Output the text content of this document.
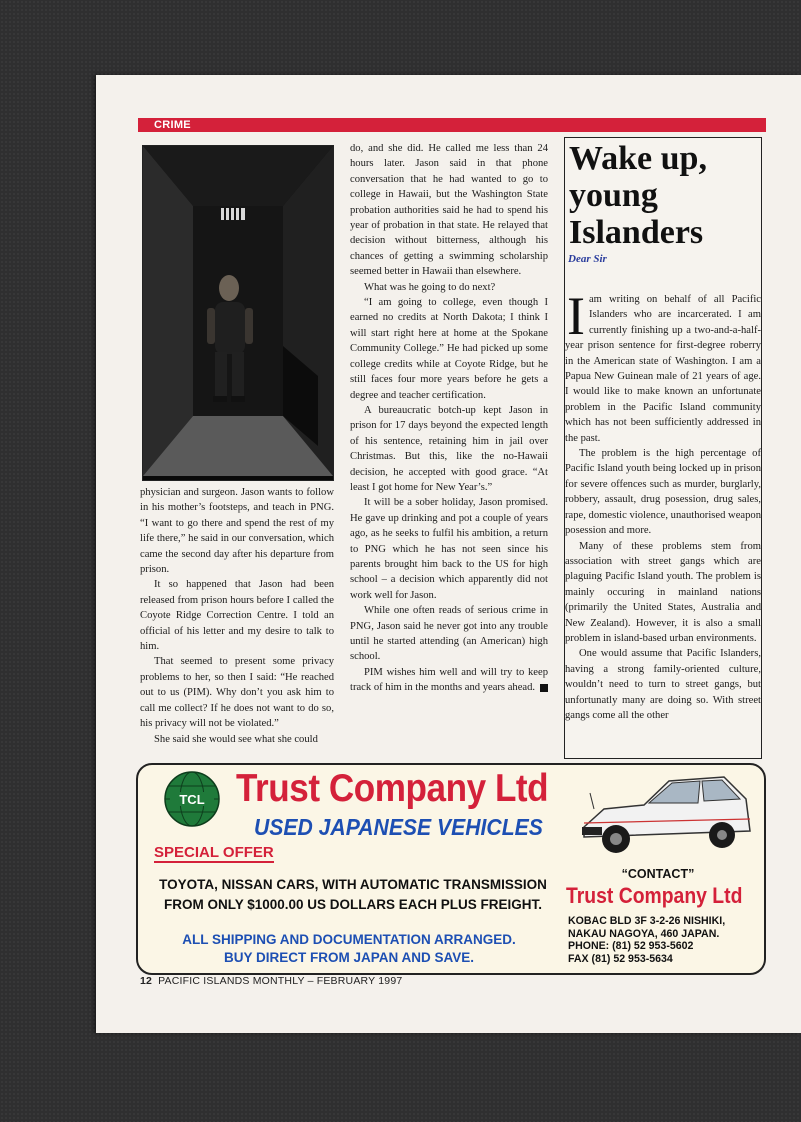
CRIME

physician and surgeon. Jason wants to follow in his mother’s footsteps, and teach in PNG. “I want to go there and spend the rest of my life there,” he said in our conversation, which came the second day after his departure from prison.

It so happened that Jason had been released from prison hours before I called the Coyote Ridge Correction Centre. I told an official of his letter and my desire to talk to him.

That seemed to present some privacy problems to her, so then I said: “He reached out to us (PIM). Why don’t you ask him to call me collect? If he does not want to do so, his privacy will not be violated.”

She said she would see what she could

do, and she did. He called me less than 24 hours later. Jason said in that phone conversation that he had wanted to go to college in Hawaii, but the Washington State probation authorities said he had to spend his year of probation in that state. He relayed that decision without bitterness, although his chances of getting a swimming scholarship seemed better in Hawaii than elsewhere.

What was he going to do next?

“I am going to college, even though I earned no credits at North Dakota; I think I will start right here at home at the Spokane Community College.” He had picked up some college credits while at Coyote Ridge, but he still faces four more years before he gets a degree and teacher certification.

A bureaucratic botch-up kept Jason in prison for 17 days beyond the expected length of his sentence, retaining him in jail over Christmas. But this, like the no-Hawaii decision, he accepted with good grace. “At least I got home for New Year’s.”

It will be a sober holiday, Jason promised. He gave up drinking and pot a couple of years ago, as he seeks to fulfil his ambition, a return to PNG which he has not seen since his parents brought him back to the US for high school – a decision which apparently did not work well for Jason.

While one often reads of serious crime in PNG, Jason said he never got into any trouble until he started attending (an American) high school.

PIM wishes him well and will try to keep track of him in the months and years ahead.

Wake up, young Islanders
Dear Sir

Iam writing on behalf of all Pacific Islanders who are incarcerated. I am currently finishing up a two-and-a-half-year prison sentence for first-degree roberry in the American state of Washington. I am a Papua New Guinean male of 21 years of age. I would like to make known an unfortunate problem in the Pacific Island community which has not been sufficiently addressed in the past.

The problem is the high percentage of Pacific Island youth being locked up in prison for severe offences such as murder, burglarly, robbery, assault, drug posession, drug sales, rape, domestic violence, unauthorised weapon posession and more.

Many of these problems stem from association with street gangs which are plaguing Pacific Island youth. The problem is mainly occuring in mainland nations (primarily the United States, Australia and New Zealand). However, it is also a small problem in island-based urban environments.

One would assume that Pacific Islanders, having a strong family-oriented culture, wouldn’t need to turn to street gangs, but unfortunatly many are doing so. With street gangs come all the other

TCL Trust Company Ltd
USED JAPANESE VEHICLES
SPECIAL OFFER
TOYOTA, NISSAN CARS, WITH AUTOMATIC TRANSMISSION
FROM ONLY $1000.00 US DOLLARS EACH PLUS FREIGHT.
ALL SHIPPING AND DOCUMENTATION ARRANGED.
BUY DIRECT FROM JAPAN AND SAVE.
“CONTACT”
Trust Company Ltd
KOBAC BLD 3F 3-2-26 NISHIKI,
NAKAU NAGOYA, 460 JAPAN.
PHONE: (81) 52 953-5602
FAX (81) 52 953-5634
12 PACIFIC ISLANDS MONTHLY – FEBRUARY 1997
